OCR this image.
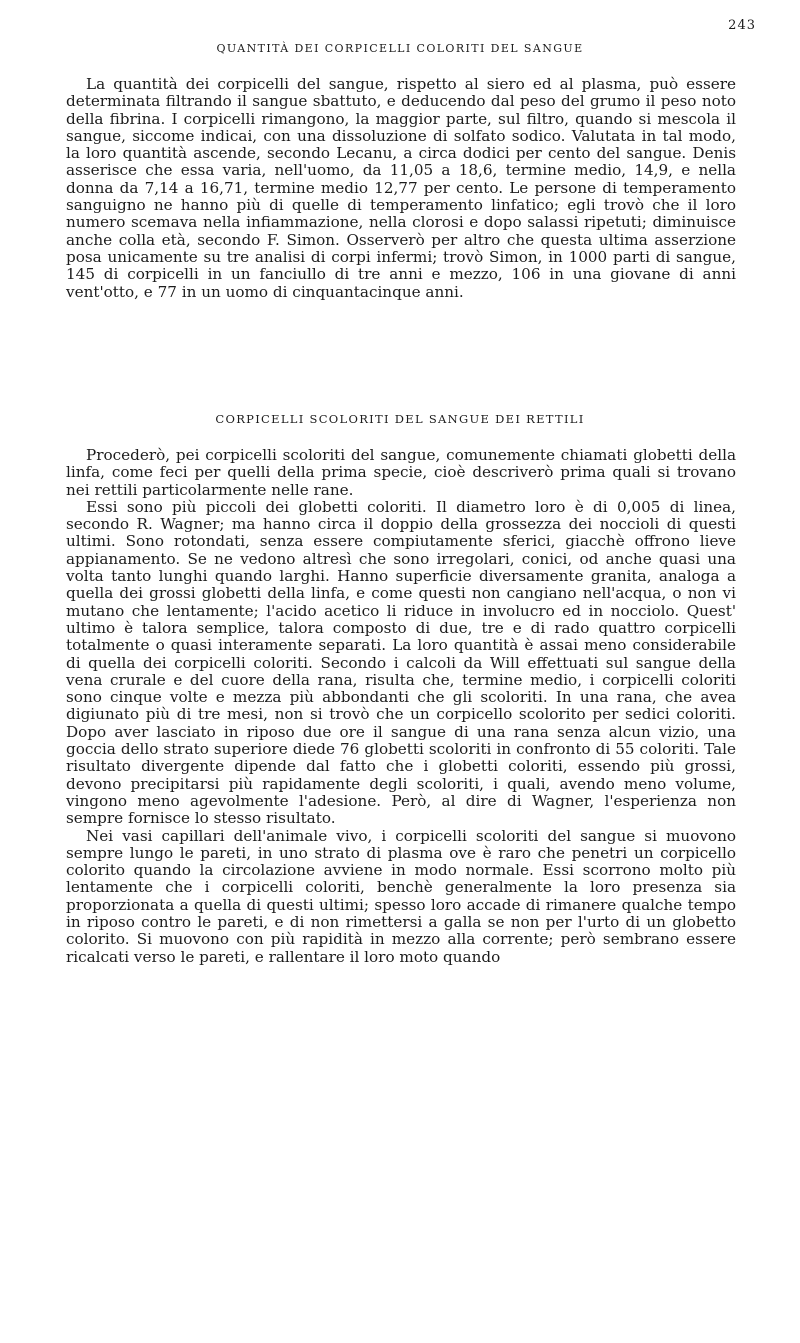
243
QUANTITÀ DEI CORPICELLI COLORITI DEL SANGUE

La quantità dei corpicelli del sangue, rispetto al siero ed al plasma, può essere determinata filtrando il sangue sbattuto, e deducendo dal peso del grumo il peso noto della fibrina. I corpicelli rimangono, la maggior parte, sul filtro, quando si mescola il sangue, siccome indicai, con una dissoluzione di solfato sodico. Valutata in tal modo, la loro quantità ascende, secondo Lecanu, a circa dodici per cento del sangue. Denis asserisce che essa varia, nell'uomo, da 11,05 a 18,6, termine medio, 14,9, e nella donna da 7,14 a 16,71, termine medio 12,77 per cento. Le persone di temperamento sanguigno ne hanno più di quelle di temperamento linfatico; egli trovò che il loro numero scemava nella infiammazione, nella clorosi e dopo salassi ripetuti; diminuisce anche colla età, secondo F. Simon. Osserverò per altro che questa ultima asserzione posa unicamente su tre analisi di corpi infermi; trovò Simon, in 1000 parti di sangue, 145 di corpicelli in un fanciullo di tre anni e mezzo, 106 in una giovane di anni vent'otto, e 77 in un uomo di cinquantacinque anni.

CORPICELLI SCOLORITI DEL SANGUE DEI RETTILI

Procederò, pei corpicelli scoloriti del sangue, comunemente chiamati globetti della linfa, come feci per quelli della prima specie, cioè descriverò prima quali si trovano nei rettili particolarmente nelle rane.

Essi sono più piccoli dei globetti coloriti. Il diametro loro è di 0,005 di linea, secondo R. Wagner; ma hanno circa il doppio della grossezza dei noccioli di questi ultimi. Sono rotondati, senza essere compiutamente sferici, giacchè offrono lieve appianamento. Se ne vedono altresì che sono irregolari, conici, od anche quasi una volta tanto lunghi quando larghi. Hanno superficie diversamente granita, analoga a quella dei grossi globetti della linfa, e come questi non cangiano nell'acqua, o non vi mutano che lentamente; l'acido acetico li riduce in involucro ed in nocciolo. Quest' ultimo è talora semplice, talora composto di due, tre e di rado quattro corpicelli totalmente o quasi interamente separati. La loro quantità è assai meno considerabile di quella dei corpicelli coloriti. Secondo i calcoli da Will effettuati sul sangue della vena crurale e del cuore della rana, risulta che, termine medio, i corpicelli coloriti sono cinque volte e mezza più abbondanti che gli scoloriti. In una rana, che avea digiunato più di tre mesi, non si trovò che un corpicello scolorito per sedici coloriti. Dopo aver lasciato in riposo due ore il sangue di una rana senza alcun vizio, una goccia dello strato superiore diede 76 globetti scoloriti in confronto di 55 coloriti. Tale risultato divergente dipende dal fatto che i globetti coloriti, essendo più grossi, devono precipitarsi più rapidamente degli scoloriti, i quali, avendo meno volume, vingono meno agevolmente l'adesione. Però, al dire di Wagner, l'esperienza non sempre fornisce lo stesso risultato.

Nei vasi capillari dell'animale vivo, i corpicelli scoloriti del sangue si muovono sempre lungo le pareti, in uno strato di plasma ove è raro che penetri un corpicello colorito quando la circolazione avviene in modo normale. Essi scorrono molto più lentamente che i corpicelli coloriti, benchè generalmente la loro presenza sia proporzionata a quella di questi ultimi; spesso loro accade di rimanere qualche tempo in riposo contro le pareti, e di non rimettersi a galla se non per l'urto di un globetto colorito. Si muovono con più rapidità in mezzo alla corrente; però sembrano essere ricalcati verso le pareti, e rallentare il loro moto quando
